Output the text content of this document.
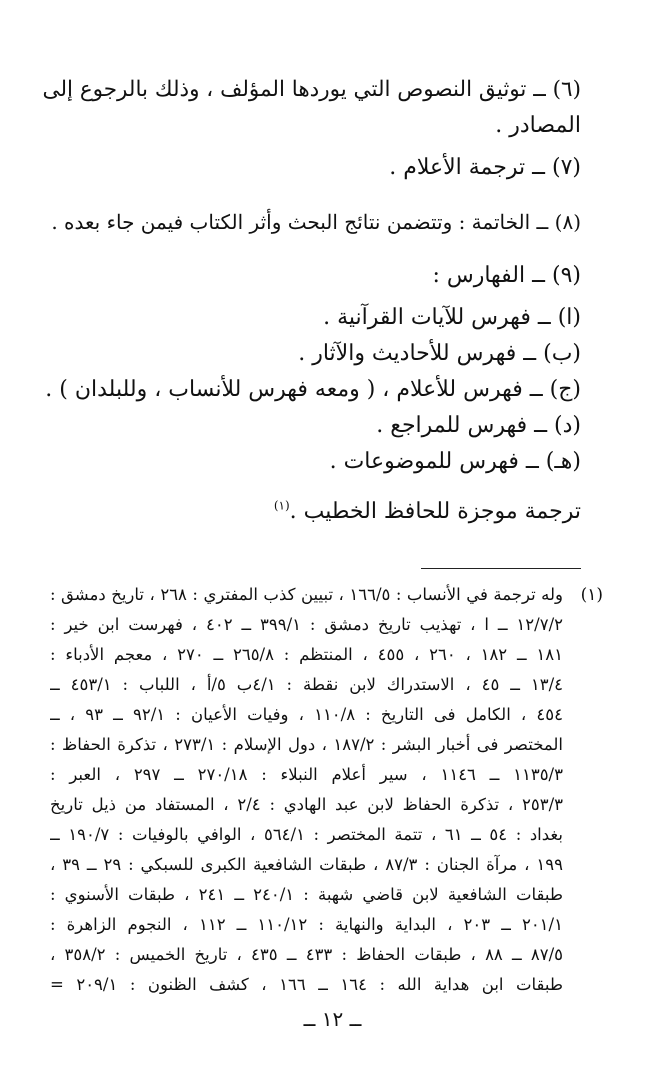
(٦) ــ توثيق النصوص التي يوردها المؤلف ، وذلك بالرجوع إلى
المصادر .
(٧) ــ ترجمة الأعلام .
(٨) ــ الخاتمة : وتتضمن نتائج البحث وأثر الكتاب فيمن جاء بعده .
(٩) ــ الفهارس :
(ا) ــ فهرس للآيات القرآنية .
(ب) ــ فهرس للأحاديث والآثار .
(ج) ــ فهرس للأعلام ، ( ومعه فهرس للأنساب ، وللبلدان ) .
(د) ــ فهرس للمراجع .
(هـ) ــ فهرس للموضوعات .
ترجمة موجزة للحافظ الخطيب .$^{(١)}$
(١)
وله ترجمة في الأنساب : ١٦٦/٥ ، تبيين كذب المفتري : ٢٦٨ ، تاريخ دمشق :
١٢/٧/٢ ــ ا ، تهذيب تاريخ دمشق : ٣٩٩/١ ــ ٤٠٢ ، فهرست ابن خير :
١٨١ ــ ١٨٢ ، ٢٦٠ ، ٤٥٥ ، المنتظم : ٢٦٥/٨ ــ ٢٧٠ ، معجم الأدباء :
١٣/٤ ــ ٤٥ ، الاستدراك لابن نقطة : ٤/١ب ٥/أ ، اللباب : ٤٥٣/١ ــ
٤٥٤ ، الكامل فى التاريخ : ١١٠/٨ ، وفيات الأعيان : ٩٢/١ ــ ٩٣ ، ــ
المختصر فى أخبار البشر : ١٨٧/٢ ، دول الإسلام : ٢٧٣/١ ، تذكرة الحفاظ :
١١٣٥/٣ ــ ١١٤٦ ، سير أعلام النبلاء : ٢٧٠/١٨ ــ ٢٩٧ ، العبر :
٢٥٣/٣ ، تذكرة الحفاظ لابن عبد الهادي : ٢/٤ ، المستفاد من ذيل تاريخ
بغداد : ٥٤ ــ ٦١ ، تتمة المختصر : ٥٦٤/١ ، الوافي بالوفيات : ١٩٠/٧ ــ
١٩٩ ، مرآة الجنان : ٨٧/٣ ، طبقات الشافعية الكبرى للسبكي : ٢٩ ــ ٣٩ ،
طبقات الشافعية لابن قاضي شهبة : ٢٤٠/١ ــ ٢٤١ ، طبقات الأسنوي :
٢٠١/١ ــ ٢٠٣ ، البداية والنهاية : ١١٠/١٢ ــ ١١٢ ، النجوم الزاهرة :
٨٧/٥ ــ ٨٨ ، طبقات الحفاظ : ٤٣٣ ــ ٤٣٥ ، تاريخ الخميس : ٣٥٨/٢ ،
طبقات ابن هداية الله : ١٦٤ ــ ١٦٦ ، كشف الظنون : ٢٠٩/١ =
ــ ١٢ ــ
